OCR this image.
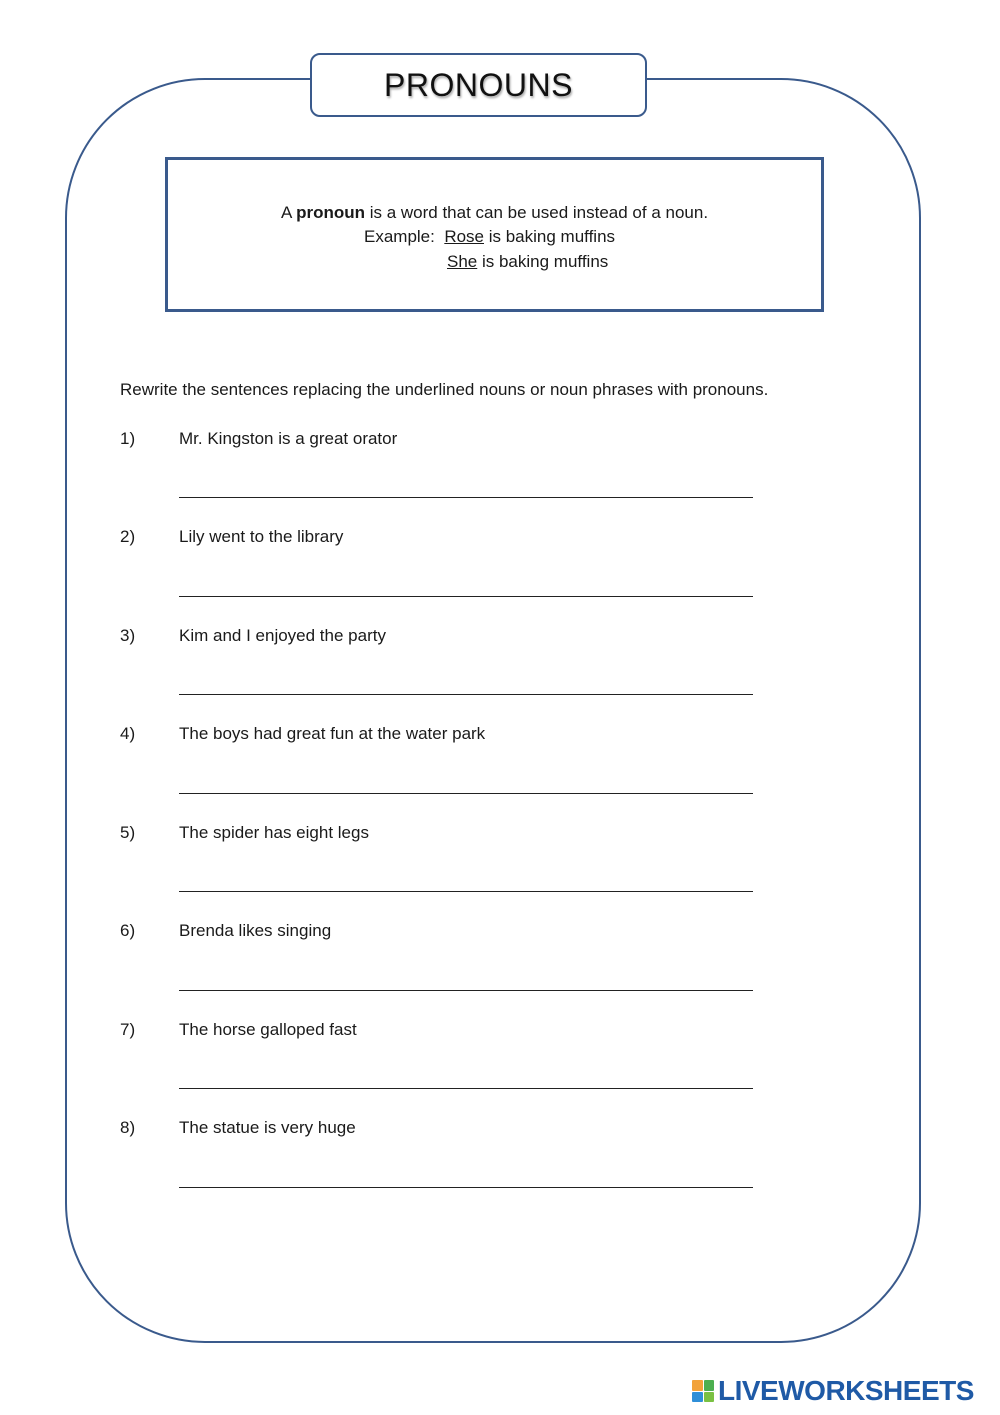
PRONOUNS
A pronoun is a word that can be used instead of a noun.
Example:  Rose is baking muffins
She is baking muffins
Rewrite the sentences replacing the underlined nouns or noun phrases with pronouns.
1)	Mr. Kingston is a great orator
2)	Lily went to the library
3)	Kim and I enjoyed the party
4)	The boys had great fun at the water park
5)	The spider has eight legs
6)	Brenda likes singing
7)	The horse galloped fast
8)	The statue is very huge
LIVEWORKSHEETS
